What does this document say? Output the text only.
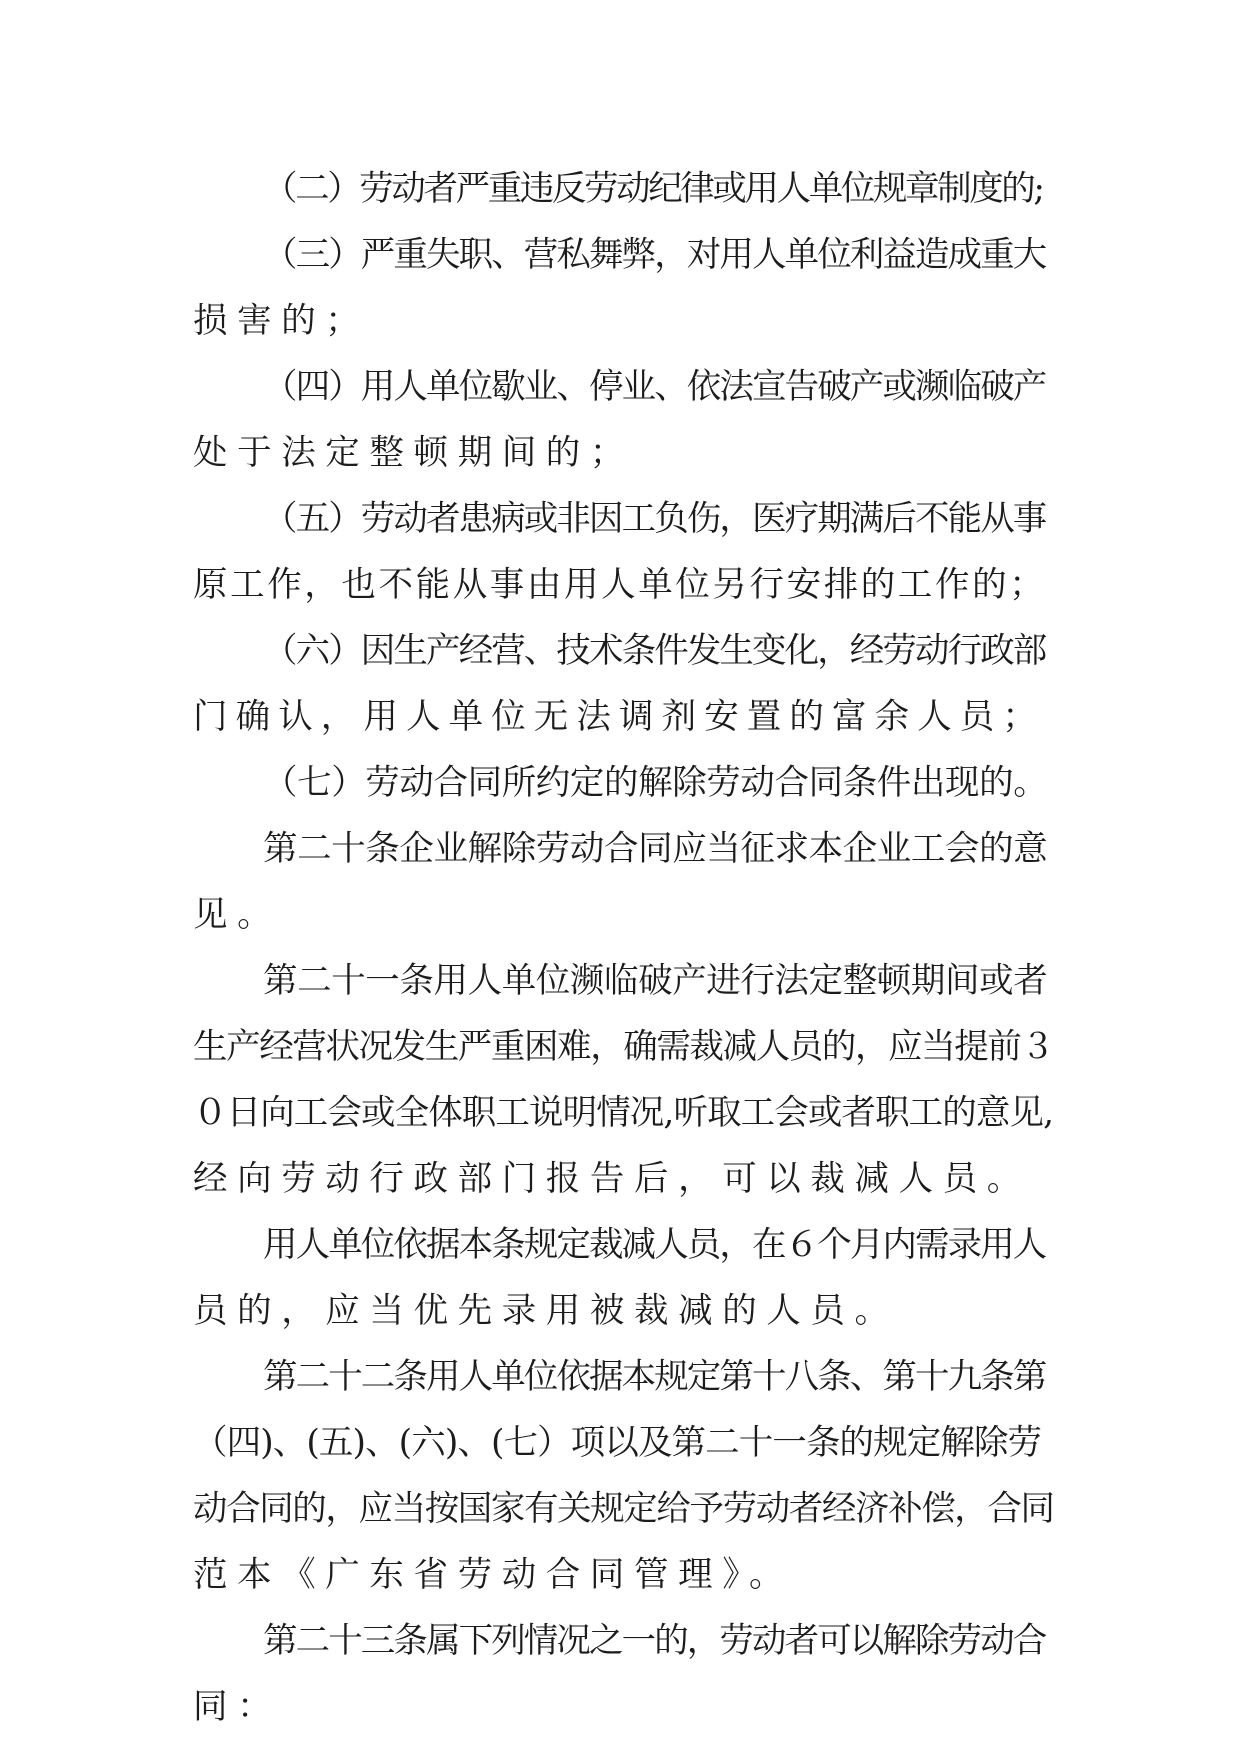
（二）劳动者严重违反劳动纪律或用人单位规章制度的;
（三）严重失职、营私舞弊，对用人单位利益造成重大
损害的；
（四）用人单位歇业、停业、依法宣告破产或濒临破产
处于法定整顿期间的；
（五）劳动者患病或非因工负伤，医疗期满后不能从事
原工作，也不能从事由用人单位另行安排的工作的；
（六）因生产经营、技术条件发生变化，经劳动行政部
门确认，用人单位无法调剂安置的富余人员；
（七）劳动合同所约定的解除劳动合同条件出现的。
第二十条企业解除劳动合同应当征求本企业工会的意
见。
第二十一条用人单位濒临破产进行法定整顿期间或者
生产经营状况发生严重困难，确需裁减人员的，应当提前３
０日向工会或全体职工说明情况,听取工会或者职工的意见,
经向劳动行政部门报告后，可以裁减人员。
用人单位依据本条规定裁减人员，在６个月内需录用人
员的，应当优先录用被裁减的人员。
第二十二条用人单位依据本规定第十八条、第十九条第
（四)、(五)、(六)、(七）项以及第二十一条的规定解除劳
动合同的，应当按国家有关规定给予劳动者经济补偿，合同
范本《广东省劳动合同管理》。
第二十三条属下列情况之一的，劳动者可以解除劳动合
同：
